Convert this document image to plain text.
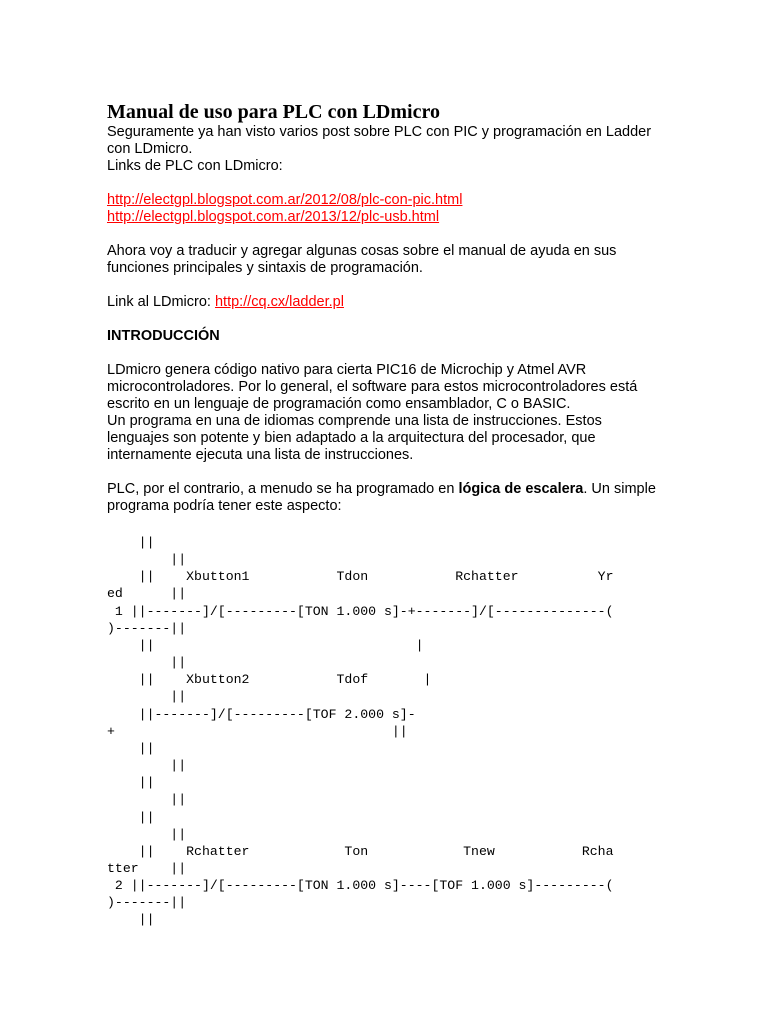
Manual de uso para PLC con LDmicro

Seguramente ya han visto varios post sobre PLC con PIC y programación en Ladder

con LDmicro.

Links de PLC con LDmicro:

http://electgpl.blogspot.com.ar/2012/08/plc-con-pic.html

http://electgpl.blogspot.com.ar/2013/12/plc-usb.html

Ahora voy a traducir y agregar algunas cosas sobre el manual de ayuda en sus

funciones principales y sintaxis de programación.

Link al LDmicro: http://cq.cx/ladder.pl

INTRODUCCIÓN

LDmicro genera código nativo para cierta PIC16 de Microchip y Atmel AVR

microcontroladores. Por lo general, el software para estos microcontroladores está

escrito en un lenguaje de programación como ensamblador, C o BASIC.

Un programa en una de idiomas comprende una lista de instrucciones. Estos

lenguajes son potente y bien adaptado a la arquitectura del procesador, que

internamente ejecuta una lista de instrucciones.

PLC, por el contrario, a menudo se ha programado en lógica de escalera. Un simple

programa podría tener este aspecto:

||
||
||    Xbutton1           Tdon           Rchatter          Yr
ed      ||
1 ||-------]/[---------[TON 1.000 s]-+-------]/[--------------(
)-------||
||                                 |
||
||    Xbutton2           Tdof       |
||
||-------]/[---------[TOF 2.000 s]-
+                                   ||
||
||
||
||
||
||
||    Rchatter            Ton            Tnew           Rcha
tter    ||
2 ||-------]/[---------[TON 1.000 s]----[TOF 1.000 s]---------(
)-------||
||
